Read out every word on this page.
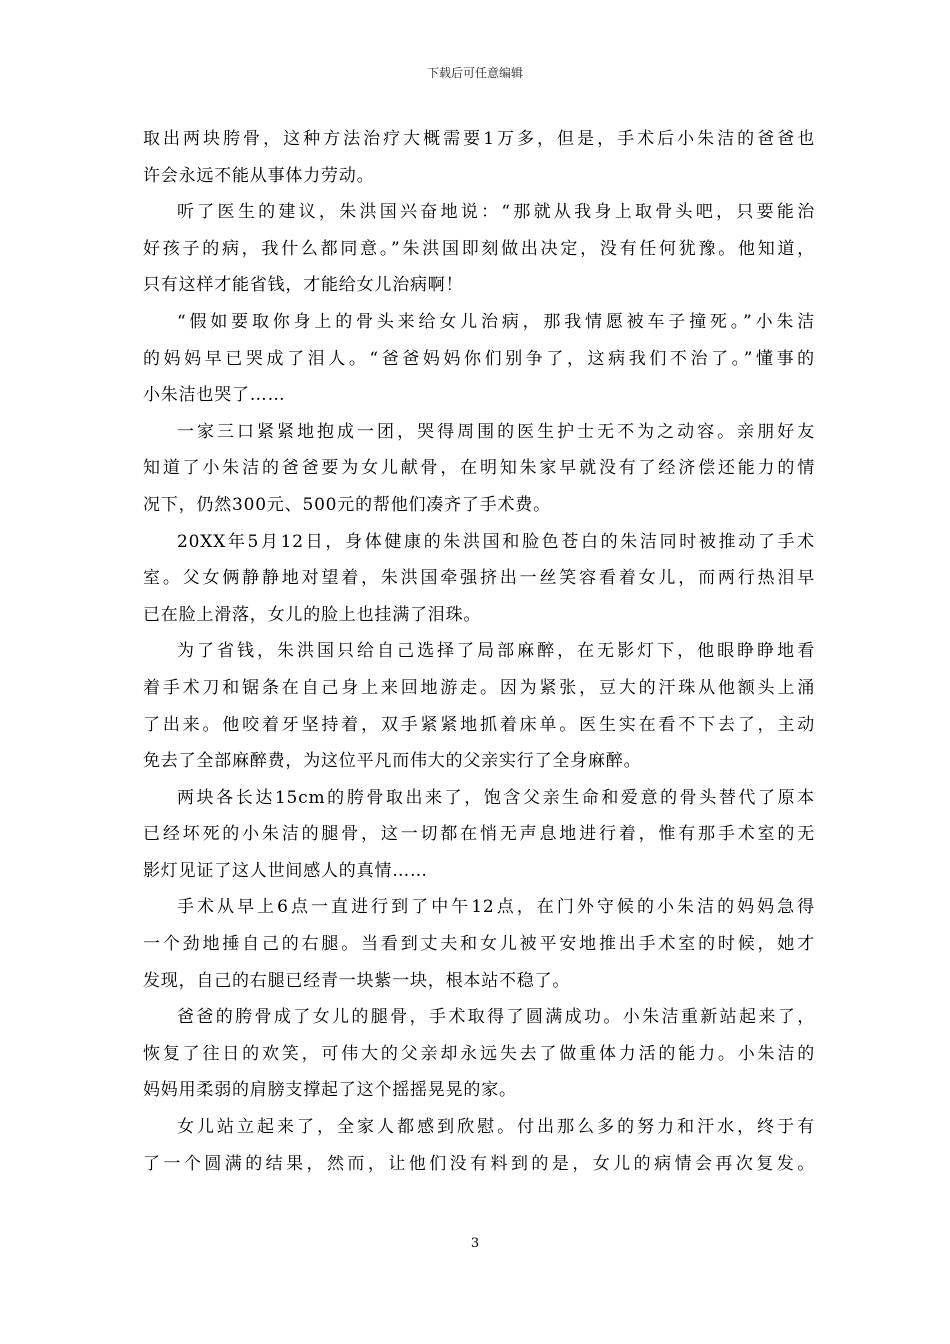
下载后可任意编辑
取出两块胯骨，这种方法治疗大概需要1万多，但是，手术后小朱洁的爸爸也
许会永远不能从事体力劳动。
听了医生的建议，朱洪国兴奋地说：“那就从我身上取骨头吧，只要能治
好孩子的病，我什么都同意。”朱洪国即刻做出决定，没有任何犹豫。他知道，
只有这样才能省钱，才能给女儿治病啊！
“假如要取你身上的骨头来给女儿治病，那我情愿被车子撞死。”小朱洁
的妈妈早已哭成了泪人。“爸爸妈妈你们别争了，这病我们不治了。”懂事的
小朱洁也哭了……
一家三口紧紧地抱成一团，哭得周围的医生护士无不为之动容。亲朋好友
知道了小朱洁的爸爸要为女儿献骨，在明知朱家早就没有了经济偿还能力的情
况下，仍然300元、500元的帮他们凑齐了手术费。
20XX年5月12日，身体健康的朱洪国和脸色苍白的朱洁同时被推动了手术
室。父女俩静静地对望着，朱洪国牵强挤出一丝笑容看着女儿，而两行热泪早
已在脸上滑落，女儿的脸上也挂满了泪珠。
为了省钱，朱洪国只给自己选择了局部麻醉，在无影灯下，他眼睁睁地看
着手术刀和锯条在自己身上来回地游走。因为紧张，豆大的汗珠从他额头上涌
了出来。他咬着牙坚持着，双手紧紧地抓着床单。医生实在看不下去了，主动
免去了全部麻醉费，为这位平凡而伟大的父亲实行了全身麻醉。
两块各长达15cm的胯骨取出来了，饱含父亲生命和爱意的骨头替代了原本
已经坏死的小朱洁的腿骨，这一切都在悄无声息地进行着，惟有那手术室的无
影灯见证了这人世间感人的真情……
手术从早上6点一直进行到了中午12点，在门外守候的小朱洁的妈妈急得
一个劲地捶自己的右腿。当看到丈夫和女儿被平安地推出手术室的时候，她才
发现，自己的右腿已经青一块紫一块，根本站不稳了。
爸爸的胯骨成了女儿的腿骨，手术取得了圆满成功。小朱洁重新站起来了，
恢复了往日的欢笑，可伟大的父亲却永远失去了做重体力活的能力。小朱洁的
妈妈用柔弱的肩膀支撑起了这个摇摇晃晃的家。
女儿站立起来了，全家人都感到欣慰。付出那么多的努力和汗水，终于有
了一个圆满的结果，然而，让他们没有料到的是，女儿的病情会再次复发。
3
